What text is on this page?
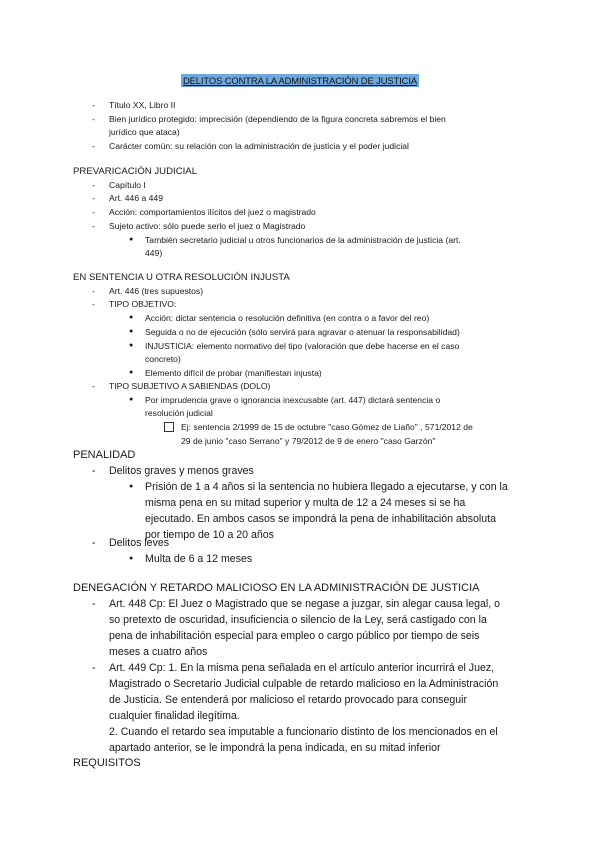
DELITOS CONTRA LA ADMINISTRACIÓN DE JUSTICIA
- Título XX, Libro II
- Bien jurídico protegido: imprecisión (dependiendo de la figura concreta sabremos el bien
jurídico que ataca)
- Carácter común: su relación con la administración de justicia y el poder judicial
PREVARICACIÓN JUDICIAL
- Capítulo I
- Art. 446 a 449
- Acción: comportamientos ilícitos del juez o magistrado
- Sujeto activo: sólo puede serlo el juez o Magistrado
● También secretario judicial u otros funcionarios de la administración de justicia (art.
449)
EN SENTENCIA U OTRA RESOLUCIÓN INJUSTA
- Art. 446 (tres supuestos)
- TIPO OBJETIVO:
● Acción: dictar sentencia o resolución definitiva (en contra o a favor del reo)
● Seguida o no de ejecución (sólo servirá para agravar o atenuar la responsabilidad)
● INJUSTICIA: elemento normativo del tipo (valoración que debe hacerse en el caso
concreto)
● Elemento difícil de probar (manifiestan injusta)
- TIPO SUBJETIVO A SABIENDAS (DOLO)
● Por imprudencia grave o ignorancia inexcusable (art. 447) dictará sentencia o
resolución judicial
Ej: sentencia 2/1999 de 15 de octubre "caso Gómez de Liaño" , 571/2012 de
29 de junio "caso Serrano" y 79/2012 de 9 de enero "caso Garzón"
PENALIDAD
- Delitos graves y menos graves
● Prisión de 1 a 4 años si la sentencia no hubiera llegado a ejecutarse, y con la
misma pena en su mitad superior y multa de 12 a 24 meses si se ha
ejecutado. En ambos casos se impondrá la pena de inhabilitación absoluta
por tiempo de 10 a 20 años
- Delitos leves
● Multa de 6 a 12 meses
DENEGACIÓN Y RETARDO MALICIOSO EN LA ADMINISTRACIÓN DE JUSTICIA
- Art. 448 Cp: El Juez o Magistrado que se negase a juzgar, sin alegar causa legal, o
so pretexto de oscuridad, insuficiencia o silencio de la Ley, será castigado con la
pena de inhabilitación especial para empleo o cargo público por tiempo de seis
meses a cuatro años
- Art. 449 Cp: 1. En la misma pena señalada en el artículo anterior incurrirá el Juez,
Magistrado o Secretario Judicial culpable de retardo malicioso en la Administración
de Justicia. Se entenderá por malicioso el retardo provocado para conseguir
cualquier finalidad ilegítima.
2. Cuando el retardo sea imputable a funcionario distinto de los mencionados en el
apartado anterior, se le impondrá la pena indicada, en su mitad inferior
REQUISITOS
